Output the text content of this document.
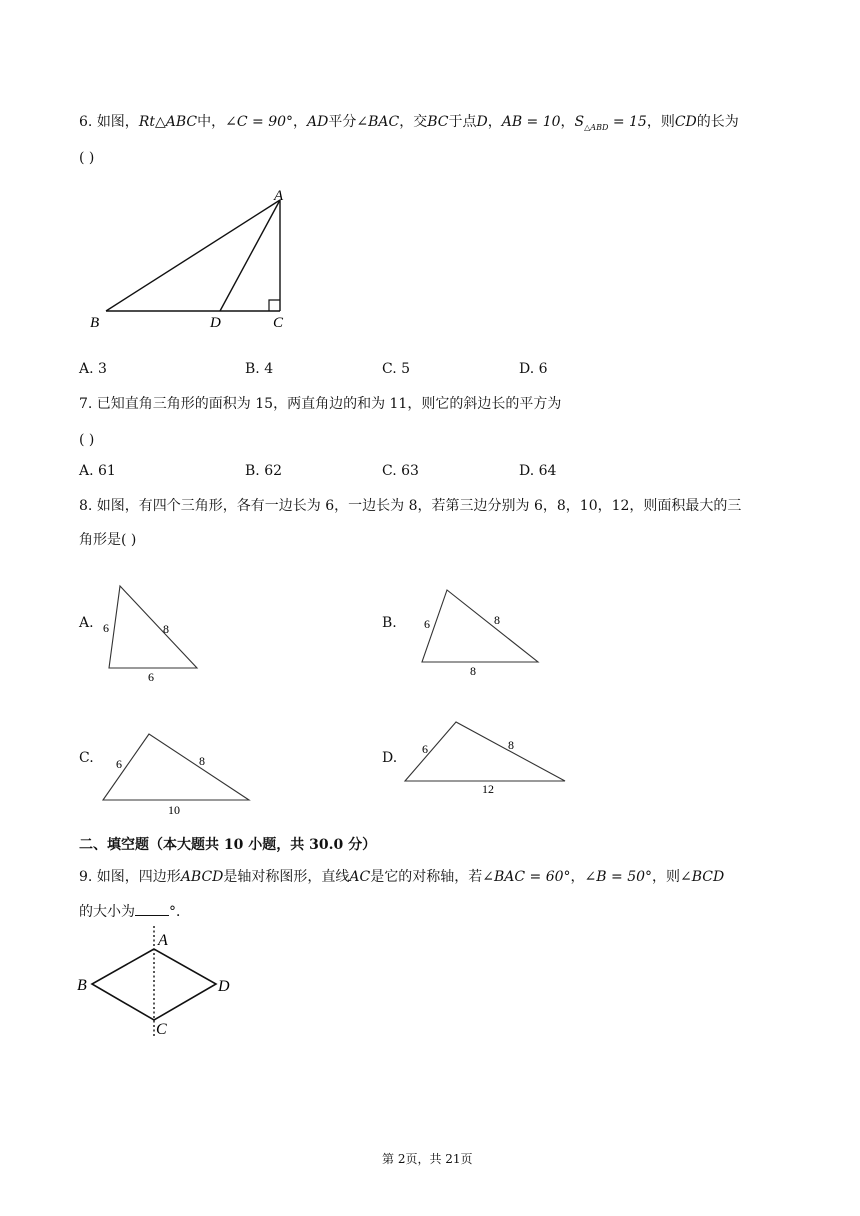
6. 如图，Rt△ABC中，∠C = 90°，AD平分∠BAC，交BC于点D，AB = 10，$S_{\triangle ABD} = 15$，则CD的长为
( )
A
B	D	C
A. 3	B. 4	C. 5	D. 6
7. 已知直角三角形的面积为 15，两直角边的和为 11，则它的斜边长的平方为
( )
A. 61	B. 62	C. 63	D. 64
8. 如图，有四个三角形，各有一边长为 6，一边长为 8，若第三边分别为 6，8，10，12，则面积最大的三
角形是( )
A. 6	8
6
B. 6	8
8
C. 6	8
10
D.
6	8
12
二、填空题（本大题共 10 小题，共 30.0 分）
9. 如图，四边形ABCD是轴对称图形，直线AC是它的对称轴，若∠BAC = 60°，∠B = 50°，则∠BCD
的大小为 °．
A
B	D
C
第 2页，共 21页
